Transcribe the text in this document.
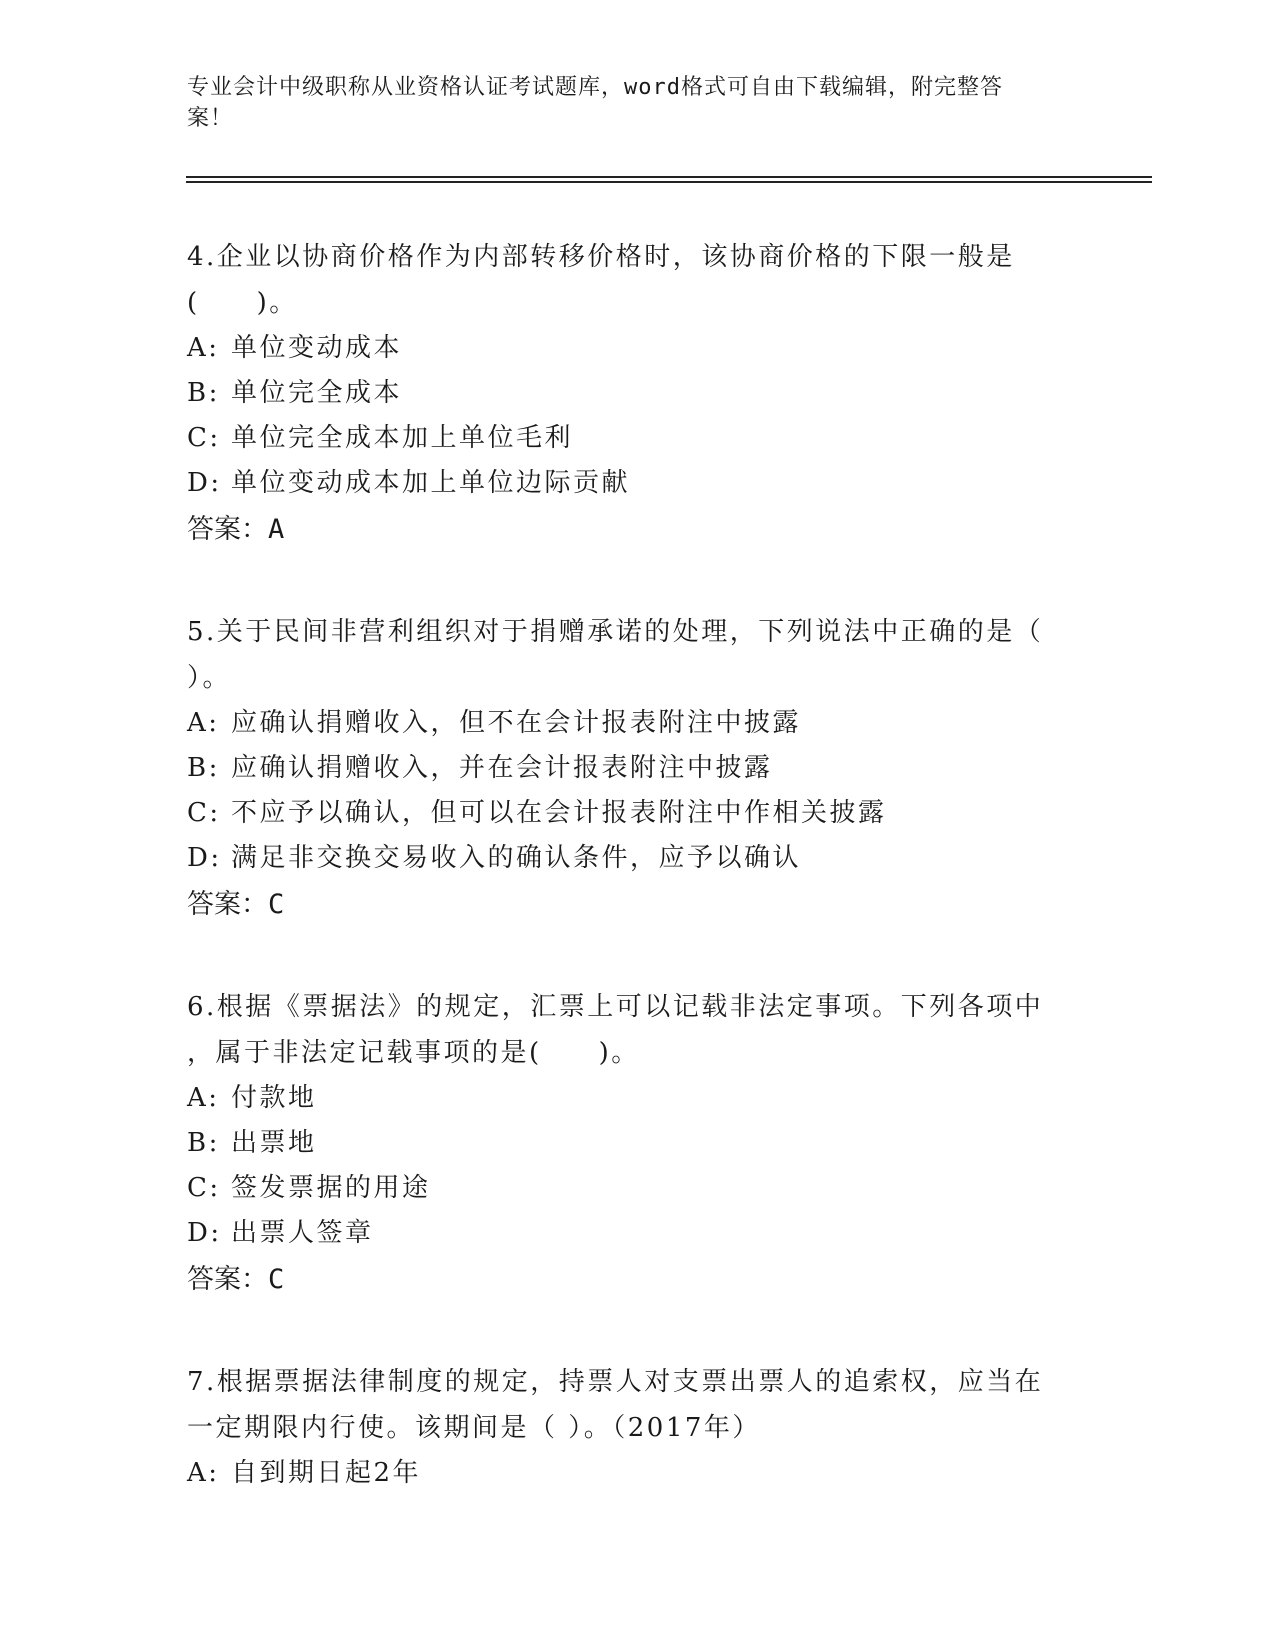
专业会计中级职称从业资格认证考试题库，word格式可自由下载编辑，附完整答
案！

4.企业以协商价格作为内部转移价格时，该协商价格的下限一般是

(　　)。

A: 单位变动成本

B: 单位完全成本

C: 单位完全成本加上单位毛利

D: 单位变动成本加上单位边际贡献

答案：A

5.关于民间非营利组织对于捐赠承诺的处理，下列说法中正确的是（

）。

A: 应确认捐赠收入，但不在会计报表附注中披露

B: 应确认捐赠收入，并在会计报表附注中披露

C: 不应予以确认，但可以在会计报表附注中作相关披露

D: 满足非交换交易收入的确认条件，应予以确认

答案：C

6.根据《票据法》的规定，汇票上可以记载非法定事项。下列各项中

，属于非法定记载事项的是(　　)。

A: 付款地

B: 出票地

C: 签发票据的用途

D: 出票人签章

答案：C

7.根据票据法律制度的规定，持票人对支票出票人的追索权，应当在

一定期限内行使。该期间是（ ）。（2017年）

A: 自到期日起2年
